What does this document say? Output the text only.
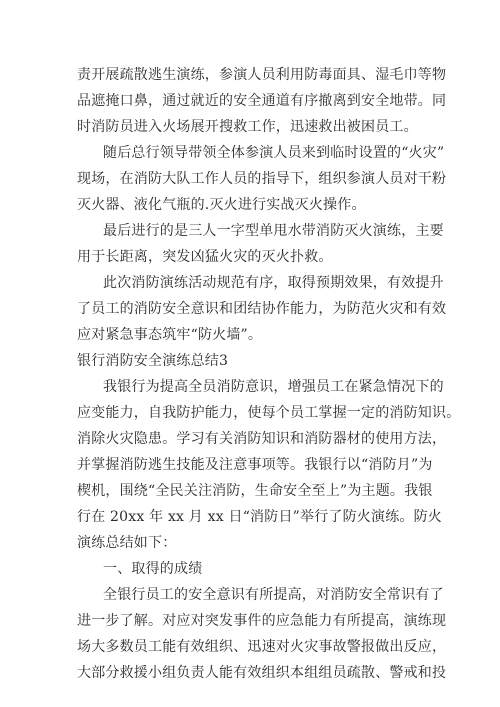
责开展疏散逃生演练，参演人员利用防毒面具、湿毛巾等物
品遮掩口鼻，通过就近的安全通道有序撤离到安全地带。同
时消防员进入火场展开搜救工作，迅速救出被困员工。
随后总行领导带领全体参演人员来到临时设置的“火灾”
现场，在消防大队工作人员的指导下，组织参演人员对干粉
灭火器、液化气瓶的.灭火进行实战灭火操作。
最后进行的是三人一字型单甩水带消防灭火演练，主要
用于长距离，突发凶猛火灾的灭火扑救。
此次消防演练活动规范有序，取得预期效果，有效提升
了员工的消防安全意识和团结协作能力，为防范火灾和有效
应对紧急事态筑牢“防火墙”。
银行消防安全演练总结3
我银行为提高全员消防意识，增强员工在紧急情况下的
应变能力，自我防护能力，使每个员工掌握一定的消防知识。
消除火灾隐患。学习有关消防知识和消防器材的使用方法，
并掌握消防逃生技能及注意事项等。我银行以“消防月”为
楔机，围绕“全民关注消防，生命安全至上”为主题。我银
行在 20xx 年 xx 月 xx 日“消防日”举行了防火演练。防火
演练总结如下：
一、取得的成绩
全银行员工的安全意识有所提高，对消防安全常识有了
进一步了解。对应对突发事件的应急能力有所提高，演练现
场大多数员工能有效组织、迅速对火灾事故警报做出反应，
大部分救援小组负责人能有效组织本组组员疏散、警戒和投
